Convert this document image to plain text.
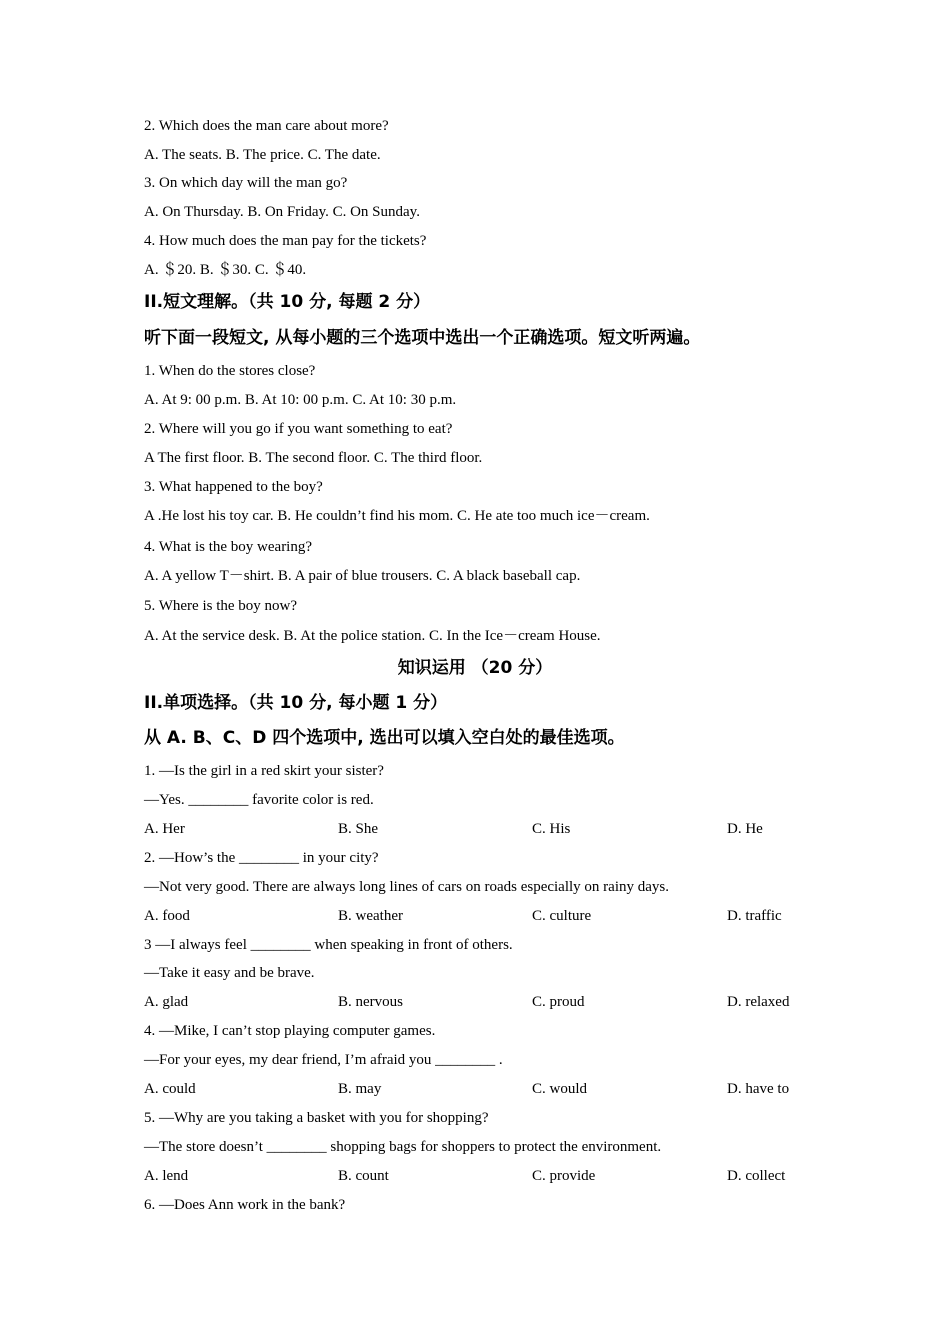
2. Which does the man care about more?
A. The seats. B. The price. C. The date.
3. On which day will the man go?
A. On Thursday. B. On Friday. C. On Sunday.
4. How much does the man pay for the tickets?
A. ＄20. B. ＄30. C. ＄40.
II.短文理解。（共 10 分, 每题 2 分）
听下面一段短文, 从每小题的三个选项中选出一个正确选项。短文听两遍。
1. When do the stores close?
A. At 9: 00 p.m. B. At 10: 00 p.m. C. At 10: 30 p.m.
2. Where will you go if you want something to eat?
A The first floor. B. The second floor. C. The third floor.
3. What happened to the boy?
A .He lost his toy car. B. He couldn’t find his mom. C. He ate too much ice－cream.
4. What is the boy wearing?
A. A yellow T－shirt. B. A pair of blue trousers. C. A black baseball cap.
5. Where is the boy now?
A. At the service desk. B. At the police station. C. In the Ice－cream House.
知识运用 （20 分）
II.单项选择。（共 10 分, 每小题 1 分）
从 A. B、C、D 四个选项中, 选出可以填入空白处的最佳选项。
1. —Is the girl in a red skirt your sister?
—Yes. ________ favorite color is red.
A. Her	B. She	C. His	D. He
2. —How’s the ________ in your city?
—Not very good. There are always long lines of cars on roads especially on rainy days.
A. food	B. weather	C. culture	D. traffic
3 —I always feel ________ when speaking in front of others.
—Take it easy and be brave.
A. glad	B. nervous	C. proud	D. relaxed
4. —Mike, I can’t stop playing computer games.
—For your eyes, my dear friend, I’m afraid you ________ .
A. could	B. may	C. would	D. have to
5. —Why are you taking a basket with you for shopping?
—The store doesn’t ________ shopping bags for shoppers to protect the environment.
A. lend	B. count	C. provide	D. collect
6. —Does Ann work in the bank?
